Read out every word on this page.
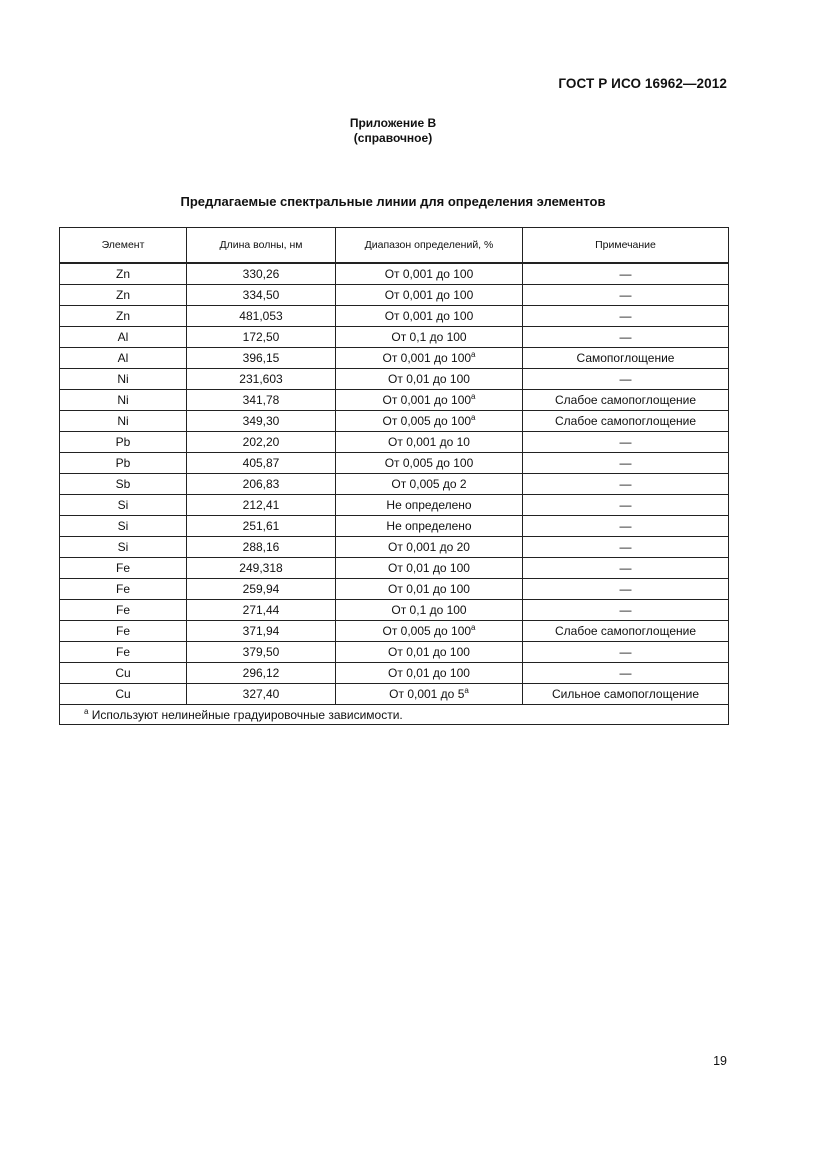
ГОСТ Р ИСО 16962—2012
Приложение В
(справочное)
Предлагаемые спектральные линии для определения элементов
Элемент	Длина волны, нм	Диапазон определений, %	Примечание
Zn	330,26	От 0,001 до 100	—
Zn	334,50	От 0,001 до 100	—
Zn	481,053	От 0,001 до 100	—
Al	172,50	От 0,1 до 100	—
Al	396,15	От 0,001 до 100$^a$	Самопоглощение
Ni	231,603	От 0,01 до 100	—
Ni	341,78	От 0,001 до 100$^a$	Слабое самопоглощение
Ni	349,30	От 0,005 до 100$^a$	Слабое самопоглощение
Pb	202,20	От 0,001 до 10	—
Pb	405,87	От 0,005 до 100	—
Sb	206,83	От 0,005 до 2	—
Si	212,41	Не определено	—
Si	251,61	Не определено	—
Si	288,16	От 0,001 до 20	—
Fe	249,318	От 0,01 до 100	—
Fe	259,94	От 0,01 до 100	—
Fe	271,44	От 0,1 до 100	—
Fe	371,94	От 0,005 до 100$^a$	Слабое самопоглощение
Fe	379,50	От 0,01 до 100	—
Cu	296,12	От 0,01 до 100	—
Cu	327,40	От 0,001 до 5$^a$	Сильное самопоглощение
$^a$ Используют нелинейные градуировочные зависимости.			
19
